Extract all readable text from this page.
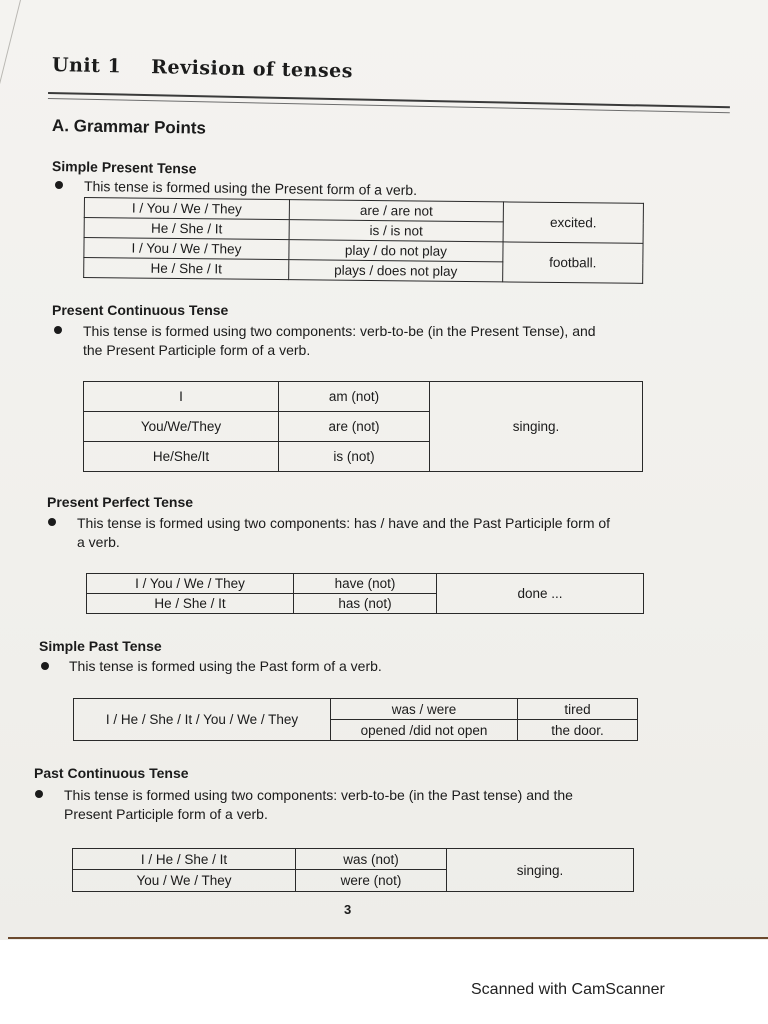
Unit 1 Revision of tenses
A. Grammar Points
Simple Present Tense
This tense is formed using the Present form of a verb.
I / You / We / They	are / are not	excited.
He / She / It	is / is not	
I / You / We / They	play / do not play	football.
He / She / It	plays / does not play	
Present Continuous Tense
This tense is formed using two components: verb-to-be (in the Present Tense), and
the Present Participle form of a verb.
I	am (not)	singing.
You/We/They	are (not)	
He/She/It	is (not)	
Present Perfect Tense
This tense is formed using two components: has / have and the Past Participle form of
a verb.
I / You / We / They	have (not)	done ...
He / She / It	has (not)	
Simple Past Tense
This tense is formed using the Past form of a verb.
I / He / She / It / You / We / They	was / were	tired
	opened /did not open	the door.
Past Continuous Tense
This tense is formed using two components: verb-to-be (in the Past tense) and the
Present Participle form of a verb.
I / He / She / It	was (not)	singing.
You / We / They	were (not)	
3
Scanned with CamScanner
